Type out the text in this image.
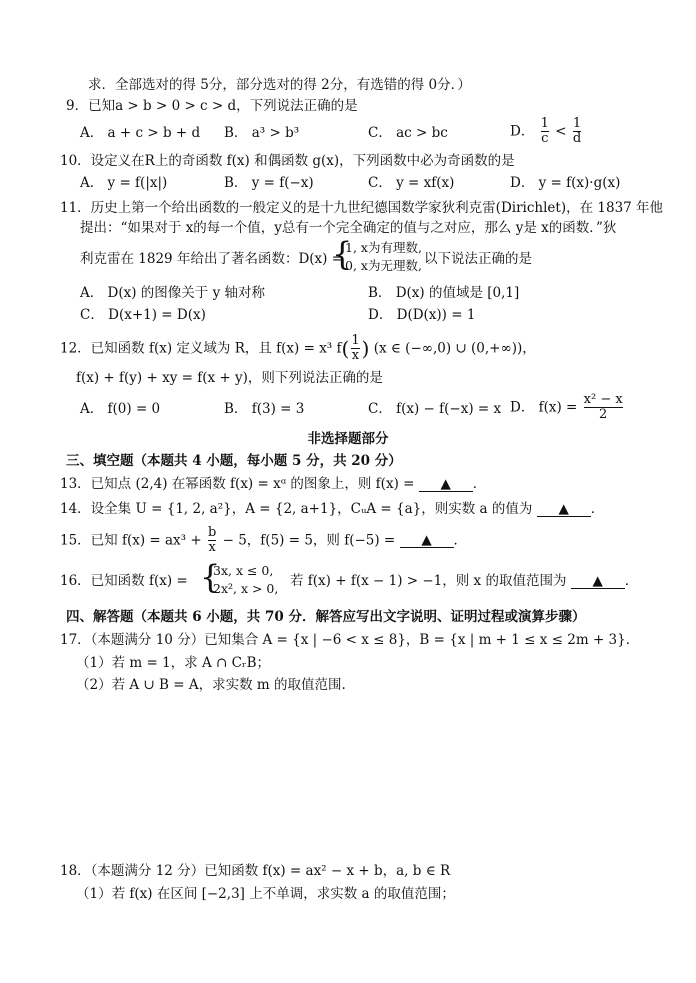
求．全部选对的得 5分，部分选对的得 2分，有选错的得 0分．）
9．已知a > b > 0 > c > d，下列说法正确的是
A． a + c > b + d B． a³ > b³	C． ac > bc	D． $\frac{1}{c} < \frac{1}{d}$
10．设定义在R上的奇函数 f(x) 和偶函数 g(x)，下列函数中必为奇函数的是
A． y = f(|x|)	B． y = f(−x)	C． y = xf(x)	D． y = f(x)·g(x)
11．历史上第一个给出函数的一般定义的是十九世纪德国数学家狄利克雷(Dirichlet)，在 1837 年他
提出：“如果对于 x的每一个值，y总有一个完全确定的值与之对应，那么 y是 x的函数．”狄
利克雷在 1829 年给出了著名函数：D(x) =
{
1, x为有理数,
0, x为无理数, 以下说法正确的是
A． D(x) 的图像关于 y 轴对称	B． D(x) 的值域是 [0,1]
C． D(x+1) = D(x)	D． D(D(x)) = 1
12．已知函数 f(x) 定义域为 R，且 f(x) = x³ $f( \frac{1}{x}$ ) (x ∈ (−∞,0) ∪ (0,+∞))，
f(x) + f(y) + xy = f(x + y)，则下列说法正确的是
A． f(0) = 0	B． f(3) = 3	C． f(x) − f(−x) = x D． $f(x) = \frac{\text{x² − x}}{2}$
非选择题部分
三、填空题（本题共 4 小题，每小题 5 分，共 20 分）
13．已知点 (2,4) 在幂函数 f(x) = xᵅ 的图象上，则 f(x) = ▲ ．
14．设全集 U = {1, 2, a²}，A = {2, a+1}，CᵤA = {a}，则实数 a 的值为 ▲ ．
15．已知 $f(x) = ax^3 + \frac{b}{x} - 5$，f(5) = 5，则 f(−5) = ▲ ．
16．已知函数 f(x) = {
3x, x ≤ 0,
2x², x > 0, 若 f(x) + f(x − 1) > −1，则 x 的取值范围为 ▲ ．
四、解答题（本题共 6 小题，共 70 分．解答应写出文字说明、证明过程或演算步骤）
17．（本题满分 10 分）已知集合 A = {x | −6 < x ≤ 8}，B = {x | m + 1 ≤ x ≤ 2m + 3}．
（1）若 m = 1，求 A ∩ CᵣB；
（2）若 A ∪ B = A，求实数 m 的取值范围.
18．（本题满分 12 分）已知函数 f(x) = ax² − x + b，a, b ∈ R
（1）若 f(x) 在区间 [−2,3] 上不单调，求实数 a 的取值范围；
